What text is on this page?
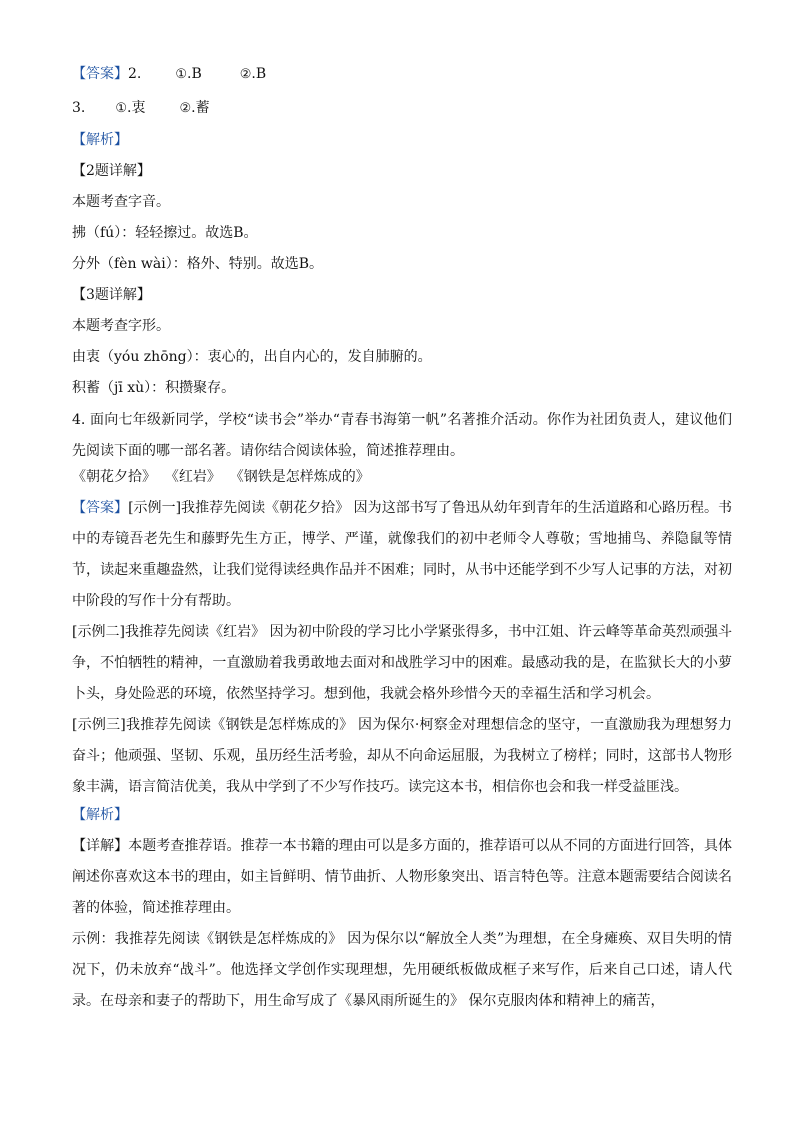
【答案】2.	①.B	②.B
3. ①.衷	②.蓄
【解析】
【2题详解】
本题考查字音。
拂（fú）：轻轻擦过。故选B。
分外（fèn wài）：格外、特别。故选B。
【3题详解】
本题考查字形。
由衷（yóu zhōng）：衷心的，出自内心的，发自肺腑的。
积蓄（jī xù）：积攒聚存。
4. 面向七年级新同学，学校“读书会”举办“青春书海第一帆”名著推介活动。你作为社团负责人，建议他们先阅读下面的哪一部名著。请你结合阅读体验，简述推荐理由。
《朝花夕拾》  《红岩》  《钢铁是怎样炼成的》
【答案】[示例一]我推荐先阅读《朝花夕拾》 因为这部书写了鲁迅从幼年到青年的生活道路和心路历程。书中的寿镜吾老先生和藤野先生方正，博学、严谨，就像我们的初中老师令人尊敬；雪地捕鸟、养隐鼠等情节，读起来重趣盎然，让我们觉得读经典作品并不困难；同时，从书中还能学到不少写人记事的方法，对初中阶段的写作十分有帮助。
[示例二]我推荐先阅读《红岩》 因为初中阶段的学习比小学紧张得多，书中江姐、许云峰等革命英烈顽强斗争，不怕牺牲的精神，一直激励着我勇敢地去面对和战胜学习中的困难。最感动我的是，在监狱长大的小萝卜头，身处险恶的环境，依然坚持学习。想到他，我就会格外珍惜今天的幸福生活和学习机会。
[示例三]我推荐先阅读《钢铁是怎样炼成的》 因为保尔·柯察金对理想信念的坚守，一直激励我为理想努力奋斗；他顽强、坚韧、乐观，虽历经生活考验，却从不向命运屈服，为我树立了榜样；同时，这部书人物形象丰满，语言简洁优美，我从中学到了不少写作技巧。读完这本书，相信你也会和我一样受益匪浅。
【解析】
【详解】本题考查推荐语。推荐一本书籍的理由可以是多方面的，推荐语可以从不同的方面进行回答，具体阐述你喜欢这本书的理由，如主旨鲜明、情节曲折、人物形象突出、语言特色等。注意本题需要结合阅读名著的体验，简述推荐理由。
示例：我推荐先阅读《钢铁是怎样炼成的》 因为保尔以“解放全人类”为理想，在全身瘫痪、双目失明的情况下，仍未放弃“战斗”。他选择文学创作实现理想，先用硬纸板做成框子来写作，后来自己口述，请人代录。在母亲和妻子的帮助下，用生命写成了《暴风雨所诞生的》 保尔克服肉体和精神上的痛苦，
